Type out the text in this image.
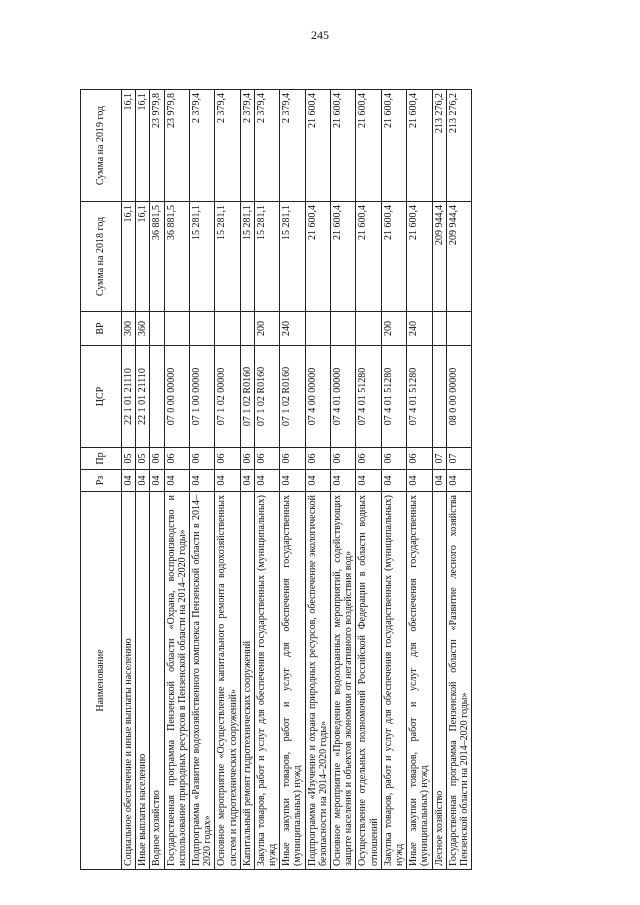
245
Наименование	Рз	Пр	ЦСР	ВР	Сумма на 2018 год	Сумма на 2019 год
Социальное обеспечение и иные выплаты населению	04	05	22 1 01 21110	300	16,1	16,1
Иные выплаты населению	04	05	22 1 01 21110	360	16,1	16,1
Водное хозяйство	04	06			36 881,5	23 979,8
Государственная программа Пензенской области «Охрана, воспроизводство и использование природных ресурсов в Пензенской области на 2014–2020 годы»	04	06	07 0 00 00000		36 881,5	23 979,8
Подпрограмма «Развитие водохозяйственного комплекса Пензенской области в 2014–2020 годах»	04	06	07 1 00 00000		15 281,1	2 379,4
Основное мероприятие «Осуществление капитального ремонта водохозяйственных систем и гидротехнических сооружений»	04	06	07 1 02 00000		15 281,1	2 379,4
Капитальный ремонт гидротехнических сооружений	04	06	07 1 02 R0160		15 281,1	2 379,4
Закупка товаров, работ и услуг для обеспечения государственных (муниципальных) нужд	04	06	07 1 02 R0160	200	15 281,1	2 379,4
Иные закупки товаров, работ и услуг для обеспечения государственных (муниципальных) нужд	04	06	07 1 02 R0160	240	15 281,1	2 379,4
Подпрограмма «Изучение и охрана природных ресурсов, обеспечение экологической безопасности на 2014–2020 годы»	04	06	07 4 00 00000		21 600,4	21 600,4
Основное мероприятие «Проведение водоохранных мероприятий, содействующих защите населения и объектов экономики от негативного воздействия вод»	04	06	07 4 01 00000		21 600,4	21 600,4
Осуществление отдельных полномочий Российской Федерации в области водных отношений	04	06	07 4 01 51280		21 600,4	21 600,4
Закупка товаров, работ и услуг для обеспечения государственных (муниципальных) нужд	04	06	07 4 01 51280	200	21 600,4	21 600,4
Иные закупки товаров, работ и услуг для обеспечения государственных (муниципальных) нужд	04	06	07 4 01 51280	240	21 600,4	21 600,4
Лесное хозяйство	04	07			209 944,4	213 276,2
Государственная программа Пензенской области «Развитие лесного хозяйства Пензенской области на 2014–2020 годы»	04	07	08 0 00 00000		209 944,4	213 276,2
